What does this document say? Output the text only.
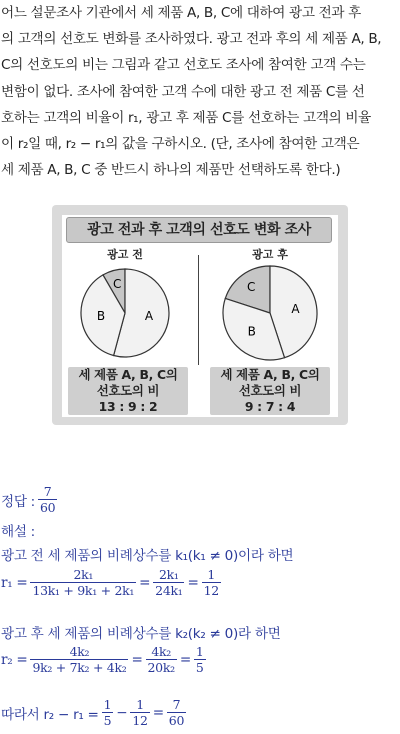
어느 설문조사 기관에서 세 제품 A, B, C에 대하여 광고 전과 후
의 고객의 선호도 변화를 조사하였다. 광고 전과 후의 세 제품 A, B,
C의 선호도의 비는 그림과 같고 선호도 조사에 참여한 고객 수는
변함이 없다. 조사에 참여한 고객 수에 대한 광고 전 제품 C를 선
호하는 고객의 비율이 r₁, 광고 후 제품 C를 선호하는 고객의 비율
이 r₂일 때, r₂ − r₁의 값을 구하시오. (단, 조사에 참여한 고객은
세 제품 A, B, C 중 반드시 하나의 제품만 선택하도록 한다.)
광고 전과 후 고객의 선호도 변화 조사
광고 전	광고 후
C
A
B
C
A
B
세 제품 A, B, C의
선호도의 비
13 : 9 : 2
세 제품 A, B, C의
선호도의 비
9 : 7 : 4
정답 : $\frac{7}{60}$
해설 :
광고 전 세 제품의 비례상수를 k₁(k₁ ≠ 0)이라 하면
$r_1 = \frac{\text{2k₁}}{\text{13k₁ + 9k₁ + 2k₁}} = \frac{\text{2k₁}}{\text{24k₁}} = \frac{1}{12}$
광고 후 세 제품의 비례상수를 k₂(k₂ ≠ 0)라 하면
$r_2 = \frac{\text{4k₂}}{\text{9k₂ + 7k₂ + 4k₂}} = \frac{\text{4k₂}}{\text{20k₂}} = \frac{1}{5}$
따라서 $r_2 - r_1 = \frac{1}{5} - \frac{1}{12} = \frac{7}{60}$
